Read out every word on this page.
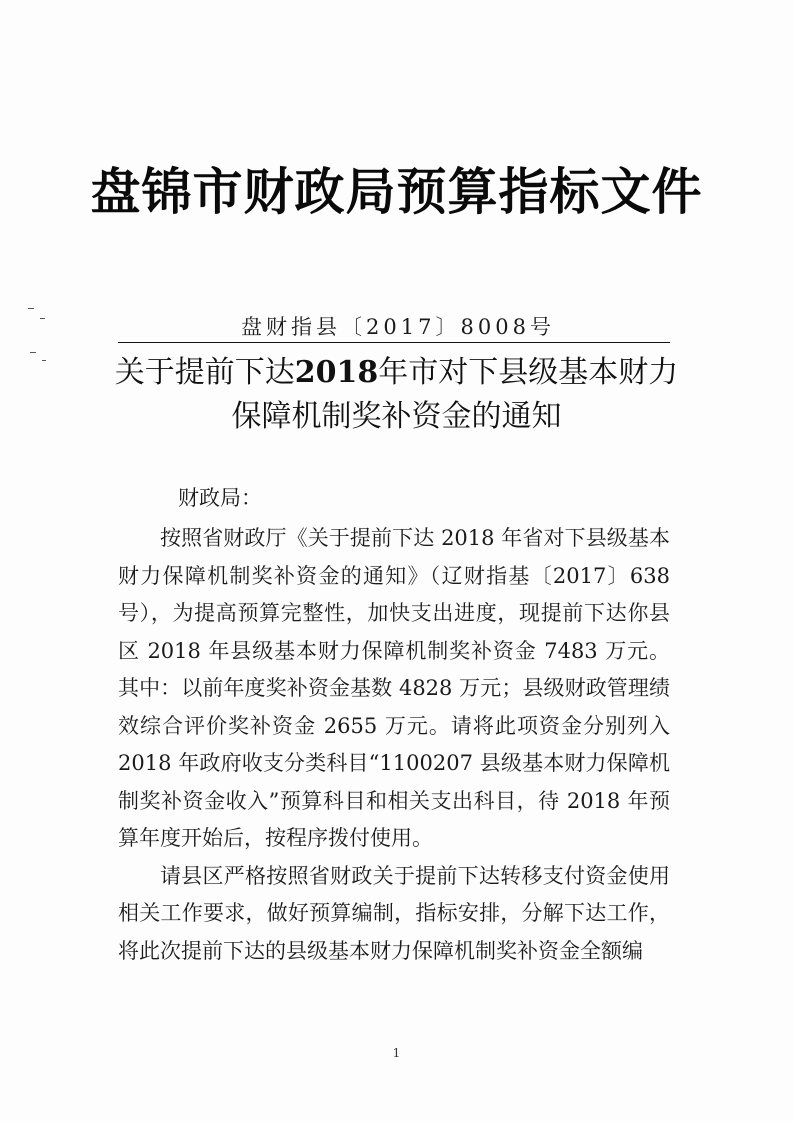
盘锦市财政局预算指标文件
盘财指县〔2017〕8008号
关于提前下达2018年市对下县级基本财力
保障机制奖补资金的通知
财政局：

按照省财政厅《关于提前下达 2018 年省对下县级基本财力保障机制奖补资金的通知》（辽财指基〔2017〕638 号），为提高预算完整性，加快支出进度，现提前下达你县区 2018 年县级基本财力保障机制奖补资金 7483 万元。其中：以前年度奖补资金基数 4828 万元；县级财政管理绩效综合评价奖补资金 2655 万元。请将此项资金分别列入 2018 年政府收支分类科目“1100207 县级基本财力保障机制奖补资金收入”预算科目和相关支出科目，待 2018 年预算年度开始后，按程序拨付使用。

请县区严格按照省财政关于提前下达转移支付资金使用相关工作要求，做好预算编制，指标安排，分解下达工作，将此次提前下达的县级基本财力保障机制奖补资金全额编

1
